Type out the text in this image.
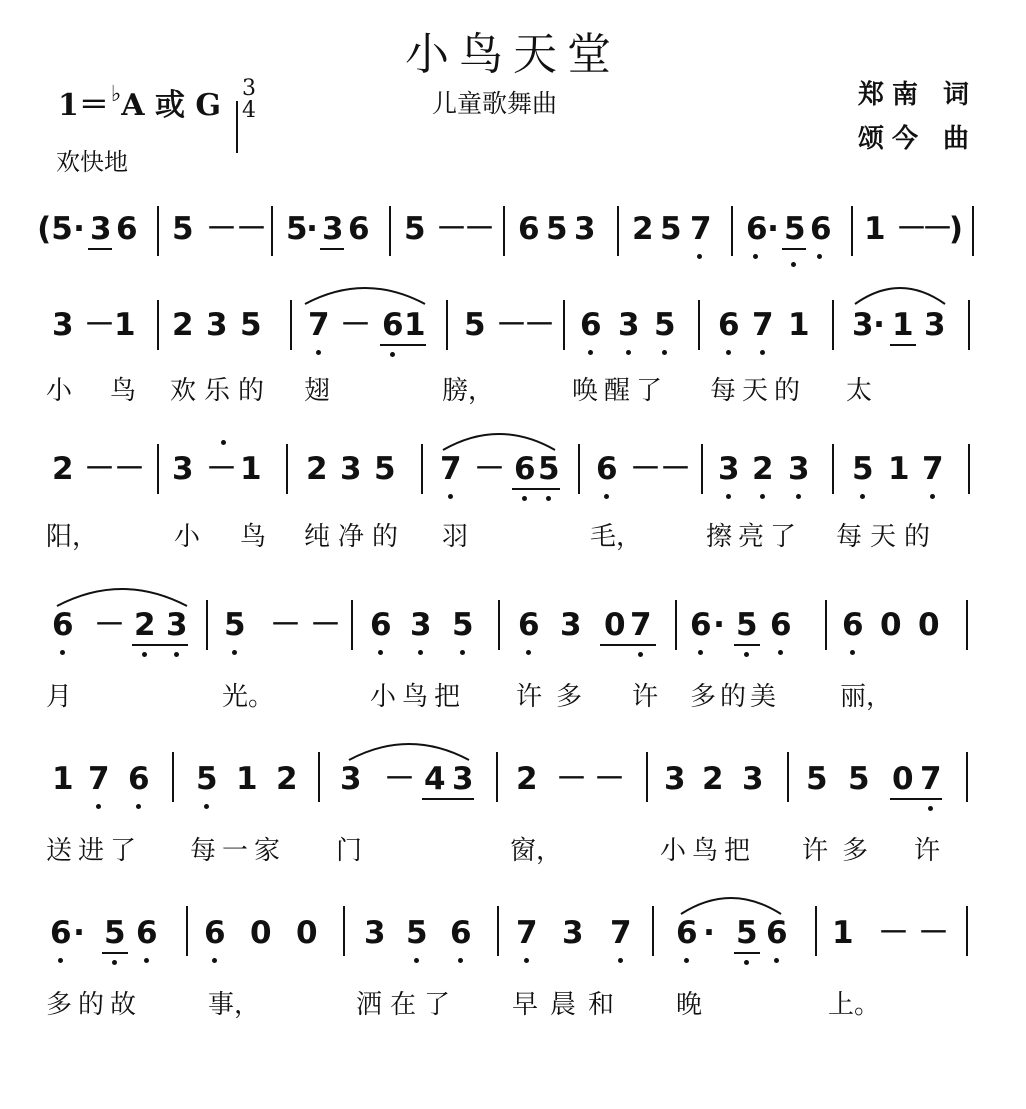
小鸟天堂
1＝♭A 或 G 3
4	儿童歌舞曲
欢快地
郑南 词
颂今 曲
(5 · 3 6 5 － － 5
· 3 6 5 －
－ 6 5 3 2 5 7 6 · 5 6 1 －
－
)
3 － 1 2 3 5 7 － 6 1 5 －
－ 6 3 5 6 7 1 3 · 1 3
小 鸟 欢乐的 翅	膀，	唤醒了 每天的 太
2 － － 3 － 1 2 3 5 7 － 6 5 6 － － 3 2 3 5 1 7
阳，	小 鸟 纯净的 羽	毛， 擦亮了 每天的
6 － 2 3 5 － － 6 3 5 6 3 0 7 6 · 5 6 6 0 0
月	光。	小鸟把 许多 许 多的美 丽，
1 7 6 5 1 2 3 － 4 3 2 － － 3 2 3 5 5 0 7
送进了 每一家 门	窗，	小鸟把 许多 许
6 · 5 6 6 0 0 3 5 6 7 3 7 6 · 5 6 1 － －
多的故	事，	洒在了 早晨和 晚	上。
